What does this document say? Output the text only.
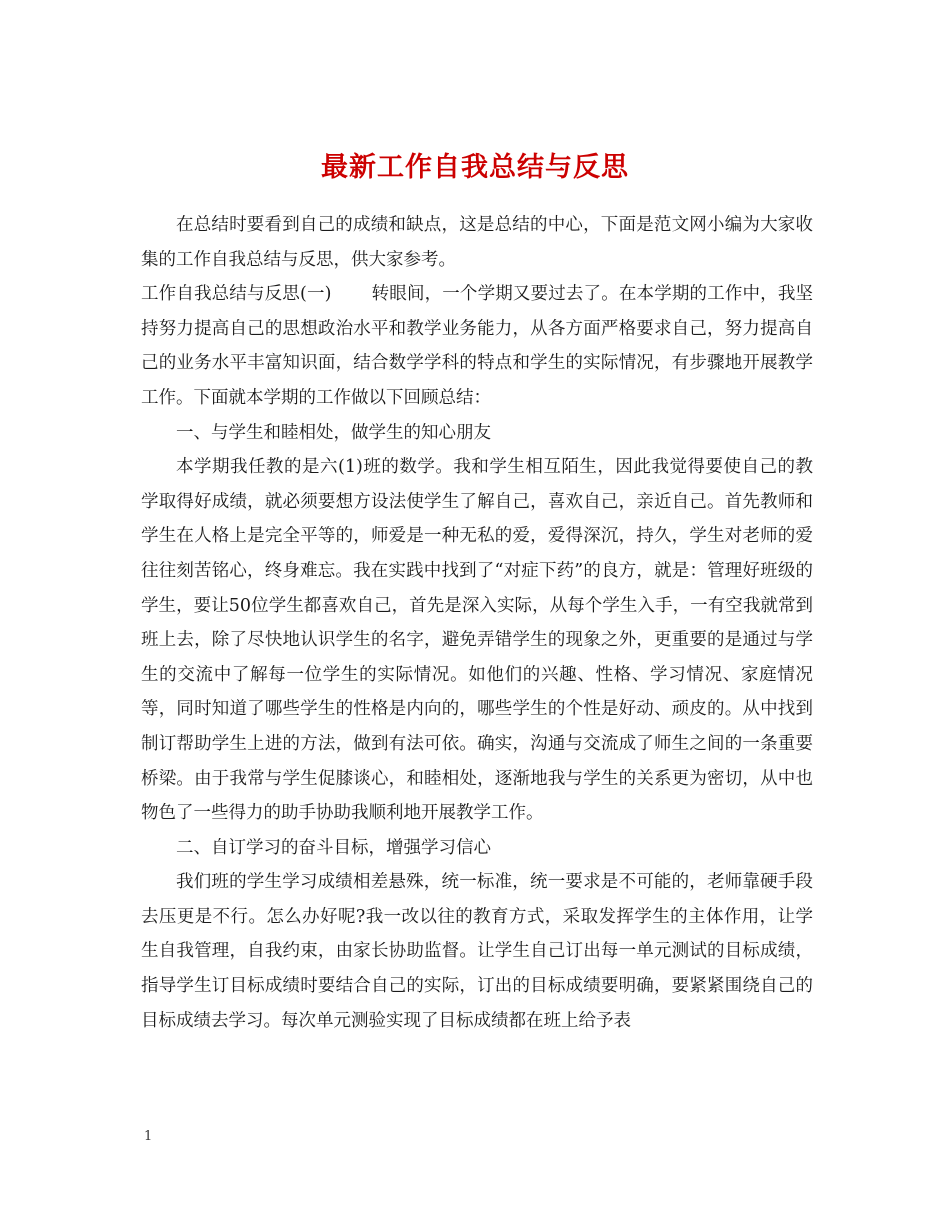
最新工作自我总结与反思

在总结时要看到自己的成绩和缺点，这是总结的中心，下面是范文网小编为大家收集的工作自我总结与反思，供大家参考。

工作自我总结与反思(一) 转眼间，一个学期又要过去了。在本学期的工作中，我坚持努力提高自己的思想政治水平和教学业务能力，从各方面严格要求自己，努力提高自己的业务水平丰富知识面，结合数学学科的特点和学生的实际情况，有步骤地开展教学工作。下面就本学期的工作做以下回顾总结：

一、与学生和睦相处，做学生的知心朋友

本学期我任教的是六(1)班的数学。我和学生相互陌生，因此我觉得要使自己的教学取得好成绩，就必须要想方设法使学生了解自己，喜欢自己，亲近自己。首先教师和学生在人格上是完全平等的，师爱是一种无私的爱，爱得深沉，持久，学生对老师的爱往往刻苦铭心，终身难忘。我在实践中找到了“对症下药”的良方，就是：管理好班级的学生，要让50位学生都喜欢自己，首先是深入实际，从每个学生入手，一有空我就常到班上去，除了尽快地认识学生的名字，避免弄错学生的现象之外，更重要的是通过与学生的交流中了解每一位学生的实际情况。如他们的兴趣、性格、学习情况、家庭情况等，同时知道了哪些学生的性格是内向的，哪些学生的个性是好动、顽皮的。从中找到制订帮助学生上进的方法，做到有法可依。确实，沟通与交流成了师生之间的一条重要桥梁。由于我常与学生促膝谈心，和睦相处，逐渐地我与学生的关系更为密切，从中也物色了一些得力的助手协助我顺利地开展教学工作。

二、自订学习的奋斗目标，增强学习信心

我们班的学生学习成绩相差悬殊，统一标准，统一要求是不可能的，老师靠硬手段去压更是不行。怎么办好呢?我一改以往的教育方式，采取发挥学生的主体作用，让学生自我管理，自我约束，由家长协助监督。让学生自己订出每一单元测试的目标成绩，指导学生订目标成绩时要结合自己的实际，订出的目标成绩要明确，要紧紧围绕自己的目标成绩去学习。每次单元测验实现了目标成绩都在班上给予表

1
